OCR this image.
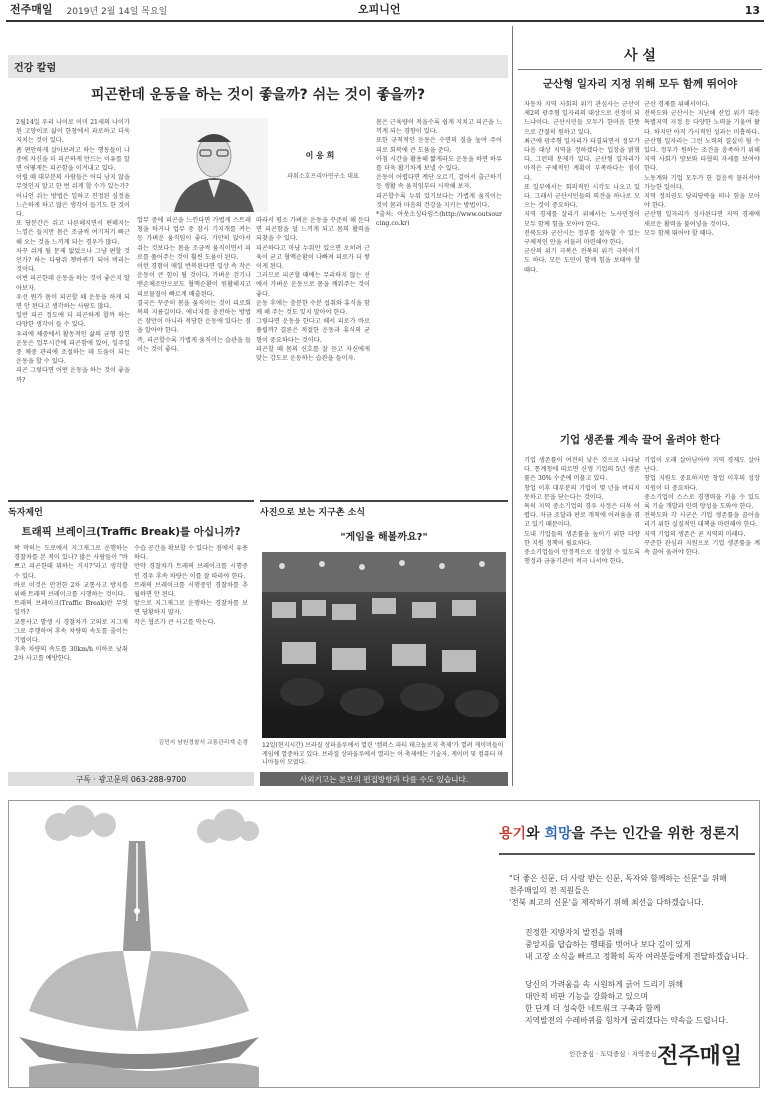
전주매일 2019년 2월 14일 목요일	오피니언	13
건강 칼럼
피곤한데 운동을 하는 것이 좋을까? 쉬는 것이 좋을까?
2월14일 우리 나이로 이미 21세의 나이가 된 고양이로 삶이 한창에서 과로하고 더욱 지치는 것이 있다.
좀 편안하게 살아보려고 하는 행동들이 나중에 자신을 더 피곤하게 만드는 이유를 알면 어떻게든 피곤함을 이겨내고 있다.
이럴 때 대부분의 사람들은 어디 남지 않을 무엇인지 알고 한 번 쉬게 할 수가 있는가?
어니언 쉬는 방법은 일하고 진정된 심정을 느슨하게 하고 많은 생각이 들기도 한 것이다.
또 당분간은 쉬고 나른해지면서 편해지는 느낌은 들지만 몸은 조금씩 여기저기 뻐근해 오는 것을 느끼게 되는 경우가 많다.
자꾸 쉬게 될 문제 없었으나 그냥 편할 것인가? 하는 다람쥐 쳇바퀴가 되어 버리는 것이다.
이번 피곤한데 운동을 하는 것이 좋은지 알아보자.
우선 뭔가 몸이 피곤할 때 운동을 하게 되면 안 된다고 생각하는 사람도 많다.
일반 피곤 정도에 더 피곤하게 할까 하는 다양한 생각이 들 수 있다.
우리에 체중에서 활동적인 삶의 균형 잡힌 운동은 업무시간에 피곤함에 있어, 일주일 중 체중 관리에 조절하는 데 도움이 되는 운동을 할 수 있다.
피곤 그렇다면 어떤 운동을 하는 것이 좋을까?
이 응 희
파워소호프리아연구소 대표
업무 중에 피곤을 느낀다면 가볍게 스트레칭을 하거나 업무 중 잠시 기지개를 켜는 등 가벼운 움직임이 좋다. 가만히 앉아서 쉬는 것보다는 몸을 조금씩 움직이면서 피로를 풀어주는 것이 훨씬 도움이 된다.
이런 경험이 매일 반복된다면 일상 속 작은 운동이 큰 힘이 될 것이다. 가벼운 걷기나 맨손체조만으로도 혈액순환이 원활해지고 피로물질이 빠르게 배출된다.
결국은 꾸준히 몸을 움직이는 것이 피로회복의 지름길이다. 에너지를 충전하는 방법은 잠만이 아니라 적당한 운동에 있다는 점을 알아야 한다.
즉, 피곤할수록 가볍게 움직이는 습관을 들이는 것이 좋다.
따라서 평소 가벼운 운동을 꾸준히 해 둔다면 피곤함을 덜 느끼게 되고 몸의 활력을 되찾을 수 있다.
피곤하다고 마냥 누워만 있으면 오히려 근육이 굳고 혈액순환이 나빠져 피로가 더 쌓이게 된다.
그러므로 피곤할 때에는 무리하지 않는 선에서 가벼운 운동으로 몸을 깨워주는 것이 좋다.
운동 후에는 충분한 수분 섭취와 휴식을 함께 해 주는 것도 잊지 말아야 한다.
그렇다면 운동을 한다고 해서 피로가 바로 풀릴까? 결론은 적절한 운동과 휴식의 균형이 중요하다는 것이다.
피곤할 때 몸의 신호를 잘 듣고 자신에게 맞는 강도로 운동하는 습관을 들이자.
몸은 근육량이 적을수록 쉽게 지치고 피곤을 느끼게 되는 경향이 있다.
또한 규칙적인 운동은 수면의 질을 높여 주어 피로 회복에 큰 도움을 준다.
아침 시간을 활용해 짧게라도 운동을 하면 하루를 더욱 활기차게 보낼 수 있다.
운동이 어렵다면 계단 오르기, 걸어서 출근하기 등 생활 속 움직임부터 시작해 보자.
피곤할수록 누워 있기보다는 가볍게 움직이는 것이 몸과 마음의 건강을 지키는 방법이다.
*출처: 아웃소싱타임스(http://www.outsourcing.co.kr)
사 설
군산형 일자리 지정 위해 모두 함께 뛰어야
자동차 지역 사회의 위기 관심사는 군산이 제2의 광주형 일자리의 대상으로 선정이 되느냐이다. 군산시민들 모두가 한마음 한뜻으로 간절히 원하고 있다.
최근에 광주형 일자리가 타결되면서 정부가 다음 대상 지역을 정하겠다는 입장을 밝혔다. 그런데 문제가 있다. 군산형 일자리가 아직은 구체적인 계획이 부족하다는 점이다.
또 일부에서는 회의적인 시각도 나오고 있다. 그래서 군산시민들의 의견을 하나로 모으는 것이 중요하다.
지역 경제를 살리기 위해서는 노사민정이 모두 함께 힘을 모아야 한다.
전북도와 군산시는 정부를 설득할 수 있는 구체적인 안을 서둘러 마련해야 한다.
군산의 위기 극복은 전북의 위기 극복이기도 하다. 모든 도민이 함께 힘을 보태야 할 때다.
군산 경제를 위해서이다.
전북도와 군산시는 지난해 산업 위기 대응 특별지역 지정 등 다양한 노력을 기울여 왔다. 하지만 아직 가시적인 성과는 미흡하다.
군산형 일자리는 그런 노력의 결실이 될 수 있다. 정부가 원하는 조건을 충족하기 위해 지역 사회가 양보와 타협의 자세를 보여야 한다.
노동계와 기업 모두가 한 걸음씩 물러서야 가능한 일이다.
지역 정치권도 당리당략을 떠나 힘을 모아야 한다.
군산형 일자리가 성사된다면 지역 경제에 새로운 활력을 불어넣을 것이다.
모두 함께 뛰어야 할 때다.
기업 생존률 계속 끌어 올려야 한다
기업 생존률이 여전히 낮은 것으로 나타났다. 통계청에 따르면 신생 기업의 5년 생존률은 30% 수준에 머물고 있다.
창업 이후 대부분의 기업이 몇 년을 버티지 못하고 문을 닫는다는 것이다.
특히 지역 중소기업의 경우 사정은 더욱 어렵다. 자금 조달과 판로 개척에 어려움을 겪고 있기 때문이다.
도내 기업들의 생존률을 높이기 위한 다양한 지원 정책이 필요하다.
중소기업들이 안정적으로 성장할 수 있도록 행정과 금융기관이 적극 나서야 한다.
기업이 오래 살아남아야 지역 경제도 살아난다.
창업 지원도 중요하지만 창업 이후의 성장 지원이 더 중요하다.
중소기업이 스스로 경쟁력을 키울 수 있도록 기술 개발과 인력 양성을 도와야 한다.
전북도와 각 시군은 기업 생존률을 끌어올리기 위한 실질적인 대책을 마련해야 한다.
지역 기업의 생존은 곧 지역의 미래다.
꾸준한 관심과 지원으로 기업 생존률을 계속 끌어 올려야 한다.
독자제언
트래픽 브레이크(Traffic Break)를 아십니까?
꽉 막히는 도로에서 지그재그로 운행하는 경찰차를 본 적이 있나? 많은 사람들이 "바쁘고 피곤한데 뭐하는 거지?"라고 생각할 수 있다.
바로 이것은 안전한 2차 교통사고 방지를 위해 트래픽 브레이크를 시행하는 것이다.
트래픽 브레이크(Traffic Break)란 무엇일까?
교통사고 발생 시 경찰차가 고의로 지그재그로 주행하여 후속 차량의 속도를 줄이는 기법이다.
후속 차량의 속도를 30km/h 이하로 낮춰 2차 사고를 예방한다.
수습 공간을 확보할 수 있다는 점에서 유용하다.
만약 경찰차가 트래픽 브레이크를 시행중인 경우 후속 차량은 이를 잘 따라야 한다.
트래픽 브레이크를 시행중인 경찰차를 추월하면 안 된다.
앞으로 지그재그로 운행하는 경찰차를 보면 당황하지 말자.
작은 협조가 큰 사고를 막는다.
김민지 남원경찰서 교통관리계 순경
사진으로 보는 지구촌 소식
"게임을 해볼까요?"
12일(현지시간) 브라질 상파울루에서 열린 '캠퍼스 파티 테크놀로지 축제'가 열려 게이머들이 게임에 열중하고 있다. 브라질 상파울루에서 열리는 이 축제에는 기술자, 게이머 및 컴퓨터 마니아들이 모였다.
구독 · 광고문의 063-288-9700	사외기고는 본보의 편집방향과 다를 수도 있습니다.
용기와 희망을 주는 인간을 위한 정론지
"더 좋은 신문, 더 사랑 받는 신문, 독자와 함께하는 신문"을 위해
전주매일의 전 직원들은
'전북 최고의 신문'을 제작하기 위해 최선을 다하겠습니다.
진정한 지방자치 발전을 위해
중앙지를 답습하는 행태를 벗어나 보다 깊이 있게
내 고장 소식을 빠르고 정확히 독자 여러분들에게 전달하겠습니다.
당신의 가려움을 속 시원하게 긁어 드리기 위해
대안적 비판 기능을 강화하고 있으며
한 단계 더 성숙한 네트워크 구축과 함께
지역발전의 수레바퀴를 힘차게 굴리겠다는 약속을 드립니다.
인간중심 · 도덕중심 · 지역중심 전주매일
